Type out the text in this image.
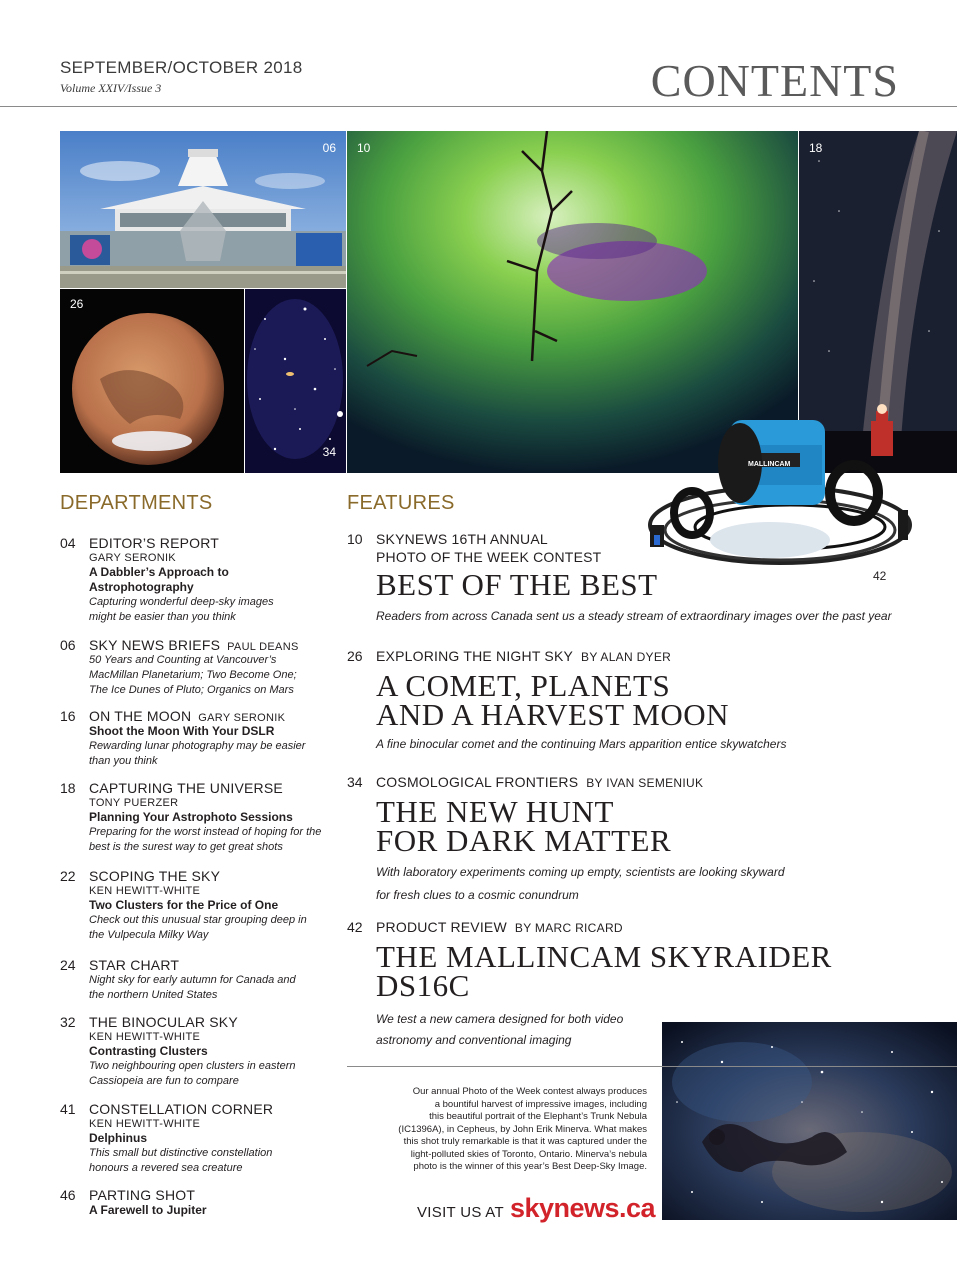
SEPTEMBER/OCTOBER 2018
Volume XXIV/Issue 3	CONTENTS
06
26
34
10	18
MALLINCAM
42
DEPARTMENTS
04 EDITOR’S REPORT
GARY SERONIK
A Dabbler’s Approach to Astrophotography
Capturing wonderful deep-sky images might be easier than you think
06 SKY NEWS BRIEFS PAUL DEANS
50 Years and Counting at Vancouver’s MacMillan Planetarium; Two Become One; The Ice Dunes of Pluto; Organics on Mars
16 ON THE MOON GARY SERONIK
Shoot the Moon With Your DSLR
Rewarding lunar photography may be easier than you think
18 CAPTURING THE UNIVERSE
TONY PUERZER
Planning Your Astrophoto Sessions
Preparing for the worst instead of hoping for the best is the surest way to get great shots
22 SCOPING THE SKY
KEN HEWITT-WHITE
Two Clusters for the Price of One
Check out this unusual star grouping deep in the Vulpecula Milky Way
24 STAR CHART
Night sky for early autumn for Canada and the northern United States
32 THE BINOCULAR SKY
KEN HEWITT-WHITE
Contrasting Clusters
Two neighbouring open clusters in eastern Cassiopeia are fun to compare
41 CONSTELLATION CORNER
KEN HEWITT-WHITE
Delphinus
This small but distinctive constellation honours a revered sea creature
46 PARTING SHOT
A Farewell to Jupiter
FEATURES
10 SKYNEWS 16TH ANNUAL
PHOTO OF THE WEEK CONTEST
BEST OF THE BEST
Readers from across Canada sent us a steady stream of extraordinary images over the past year
26 EXPLORING THE NIGHT SKY BY ALAN DYER
A COMET, PLANETS
AND A HARVEST MOON
A fine binocular comet and the continuing Mars apparition entice skywatchers
34 COSMOLOGICAL FRONTIERS BY IVAN SEMENIUK
THE NEW HUNT
FOR DARK MATTER
With laboratory experiments coming up empty, scientists are looking skyward
for fresh clues to a cosmic conundrum
42 PRODUCT REVIEW BY MARC RICARD
THE MALLINCAM SKYRAIDER
DS16C
We test a new camera designed for both video
astronomy and conventional imaging
Our annual Photo of the Week contest always produces
a bountiful harvest of impressive images, including
this beautiful portrait of the Elephant’s Trunk Nebula
(IC1396A), in Cepheus, by John Erik Minerva. What makes
this shot truly remarkable is that it was captured under the
light-polluted skies of Toronto, Ontario. Minerva’s nebula
photo is the winner of this year’s Best Deep-Sky Image.
VISIT US AT skynews.ca
